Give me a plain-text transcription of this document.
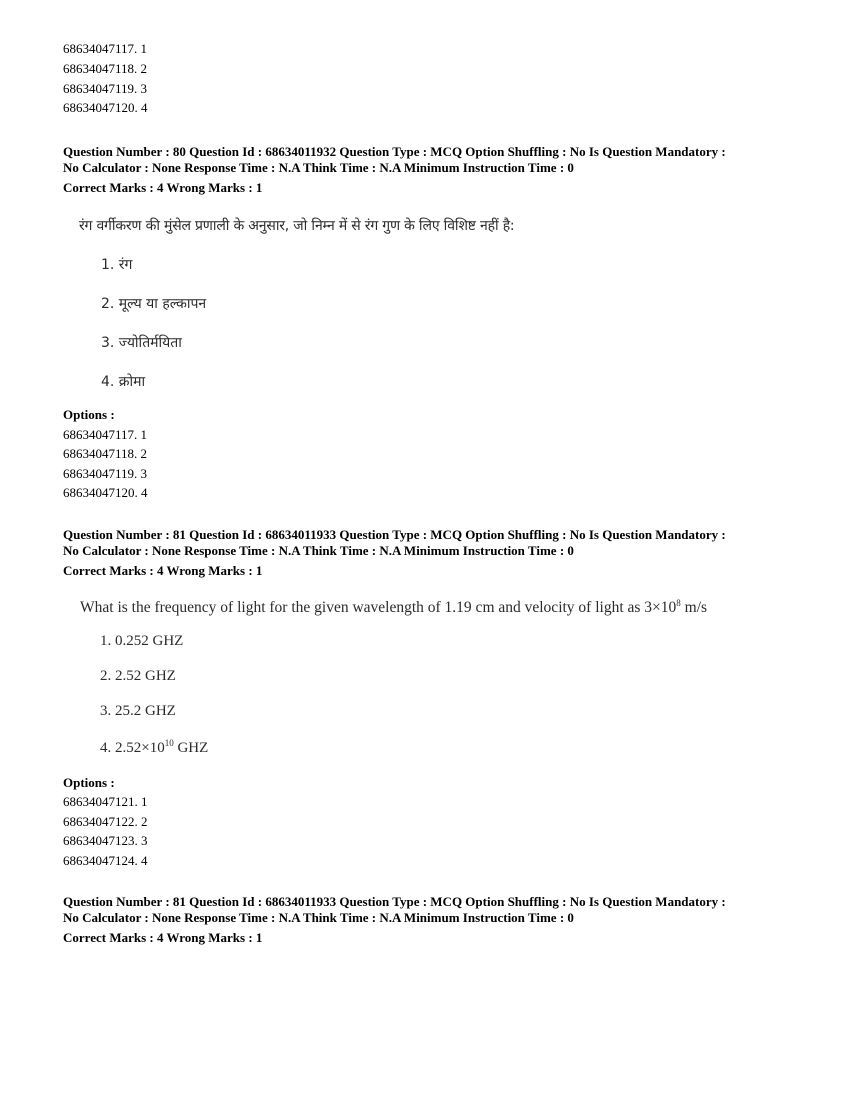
68634047117. 1
68634047118. 2
68634047119. 3
68634047120. 4
Question Number : 80 Question Id : 68634011932 Question Type : MCQ Option Shuffling : No Is Question Mandatory :
No Calculator : None Response Time : N.A Think Time : N.A Minimum Instruction Time : 0
Correct Marks : 4 Wrong Marks : 1
रंग वर्गीकरण की मुंसेल प्रणाली के अनुसार, जो निम्न में से रंग गुण के लिए विशिष्ट नहीं है:
1. रंग
2. मूल्य या हल्कापन
3. ज्योतिर्मयिता
4. क्रोमा
Options :
68634047117. 1
68634047118. 2
68634047119. 3
68634047120. 4
Question Number : 81 Question Id : 68634011933 Question Type : MCQ Option Shuffling : No Is Question Mandatory :
No Calculator : None Response Time : N.A Think Time : N.A Minimum Instruction Time : 0
Correct Marks : 4 Wrong Marks : 1
What is the frequency of light for the given wavelength of 1.19 cm and velocity of light as $3\times 10^8$ m/s
1. 0.252 GHZ
2. 2.52 GHZ
3. 25.2 GHZ
4. $2.52\times 10^{10}$ GHZ
Options :
68634047121. 1
68634047122. 2
68634047123. 3
68634047124. 4
Question Number : 81 Question Id : 68634011933 Question Type : MCQ Option Shuffling : No Is Question Mandatory :
No Calculator : None Response Time : N.A Think Time : N.A Minimum Instruction Time : 0
Correct Marks : 4 Wrong Marks : 1
